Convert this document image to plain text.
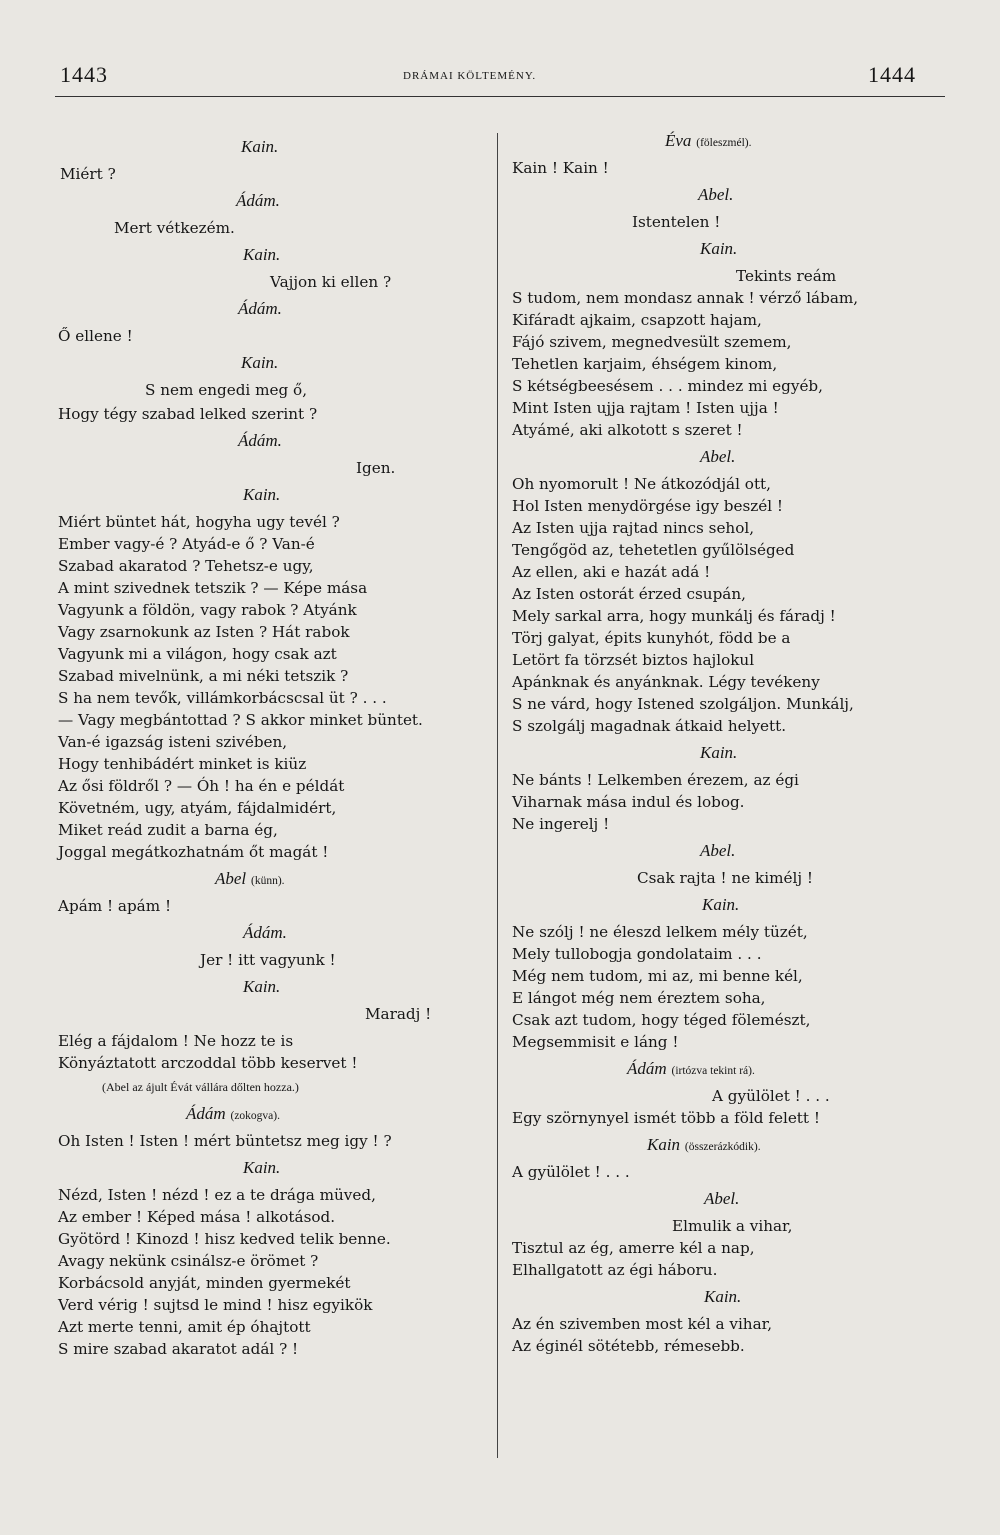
1443	DRÁMAI KÖLTEMÉNY.	1444
Kain.
Miért ?
Ádám.
Mert vétkezém.
Kain.
Vajjon ki ellen ?
Ádám.
Ő ellene !
Kain.
S nem engedi meg ő,
Hogy tégy szabad lelked szerint ?
Ádám.
Igen.
Kain.
Miért büntet hát, hogyha ugy tevél ?
Ember vagy-é ? Atyád-e ő ? Van-é
Szabad akaratod ? Tehetsz-e ugy,
A mint szivednek tetszik ? — Képe mása
Vagyunk a földön, vagy rabok ? Atyánk
Vagy zsarnokunk az Isten ? Hát rabok
Vagyunk mi a világon, hogy csak azt
Szabad mivelnünk, a mi néki tetszik ?
S ha nem tevők, villámkorbácscsal üt ? . . .
— Vagy megbántottad ? S akkor minket büntet.
Van-é igazság isteni szivében,
Hogy tenhibádért minket is kiüz
Az ősi földről ? — Óh ! ha én e példát
Követném, ugy, atyám, fájdalmidért,
Miket reád zudit a barna ég,
Joggal megátkozhatnám őt magát !
Abel (künn).
Apám ! apám !
Ádám.
Jer ! itt vagyunk !
Kain.
Maradj !
Elég a fájdalom ! Ne hozz te is
Könyáztatott arczoddal több keservet !
(Abel az ájult Évát vállára dőlten hozza.)
Ádám (zokogva).
Oh Isten ! Isten ! mért büntetsz meg igy ! ?
Kain.
Nézd, Isten ! nézd ! ez a te drága müved,
Az ember ! Képed mása ! alkotásod.
Gyötörd ! Kinozd ! hisz kedved telik benne.
Avagy nekünk csinálsz-e örömet ?
Korbácsold anyját, minden gyermekét
Verd vérig ! sujtsd le mind ! hisz egyikök
Azt merte tenni, amit ép óhajtott
S mire szabad akaratot adál ? !
Éva (föleszmél).
Kain ! Kain !
Abel.
Istentelen !
Kain.
Tekints reám
S tudom, nem mondasz annak ! vérző lábam,
Kifáradt ajkaim, csapzott hajam,
Fájó szivem, megnedvesült szemem,
Tehetlen karjaim, éhségem kinom,
S kétségbeesésem . . . mindez mi egyéb,
Mint Isten ujja rajtam ! Isten ujja !
Atyámé, aki alkotott s szeret !
Abel.
Oh nyomorult ! Ne átkozódjál ott,
Hol Isten menydörgése igy beszél !
Az Isten ujja rajtad nincs sehol,
Tengőgöd az, tehetetlen gyűlölséged
Az ellen, aki e hazát adá !
Az Isten ostorát érzed csupán,
Mely sarkal arra, hogy munkálj és fáradj !
Törj galyat, épits kunyhót, född be a
Letört fa törzsét biztos hajlokul
Apánknak és anyánknak. Légy tevékeny
S ne várd, hogy Istened szolgáljon. Munkálj,
S szolgálj magadnak átkaid helyett.
Kain.
Ne bánts ! Lelkemben érezem, az égi
Viharnak mása indul és lobog.
Ne ingerelj !
Abel.
Csak rajta ! ne kimélj !
Kain.
Ne szólj ! ne éleszd lelkem mély tüzét,
Mely tullobogja gondolataim . . .
Még nem tudom, mi az, mi benne kél,
E lángot még nem éreztem soha,
Csak azt tudom, hogy téged fölemészt,
Megsemmisit e láng !
Ádám (irtózva tekint rá).
A gyülölet ! . . .
Egy szörnynyel ismét több a föld felett !
Kain (összerázkódik).
A gyülölet ! . . .
Abel.
Elmulik a vihar,
Tisztul az ég, amerre kél a nap,
Elhallgatott az égi háboru.
Kain.
Az én szivemben most kél a vihar,
Az éginél sötétebb, rémesebb.
